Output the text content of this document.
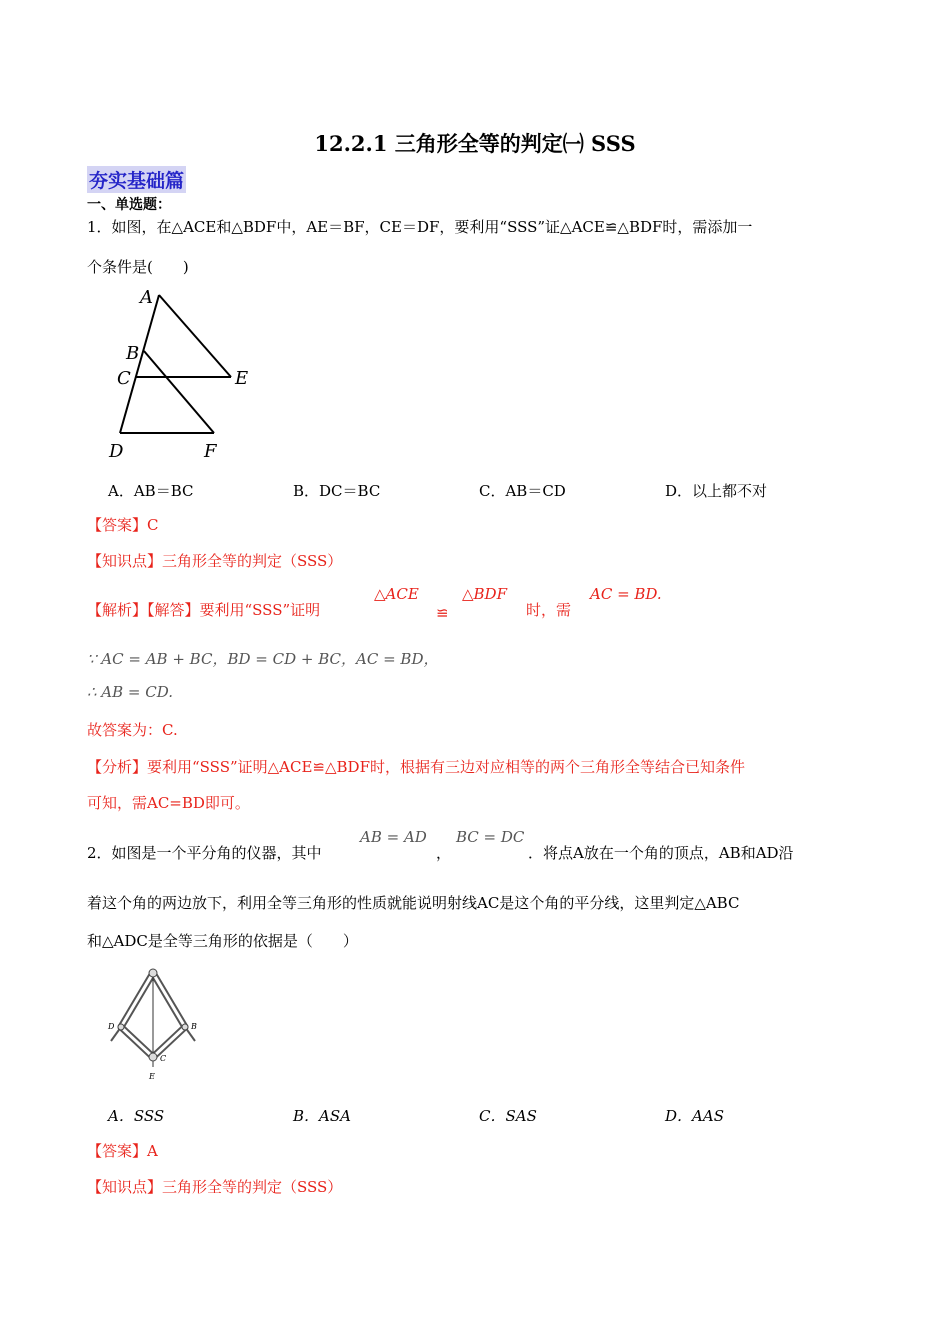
12.2.1 三角形全等的判定㈠ SSS
夯实基础篇
一、单选题：
1．如图，在△ACE和△BDF中，AE＝BF，CE＝DF，要利用“SSS”证△ACE≌△BDF时，需添加一
个条件是(　　)
A
B
C	E
D	F
A．AB＝BC	B．DC＝BC	C．AB＝CD	D．以上都不对
【答案】C
【知识点】三角形全等的判定（SSS）
【解析】【解答】要利用“SSS”证明
△ACE
≌
△BDF
时，需
AC = BD.
∵ AC = AB + BC，BD = CD + BC，AC = BD，
∴ AB = CD.
故答案为：C.
【分析】要利用“SSS”证明△ACE≌△BDF时，根据有三边对应相等的两个三角形全等结合已知条件
可知，需AC=BD即可。
2．如图是一个平分角的仪器，其中
AB = AD
，
BC = DC
．将点A放在一个角的顶点，AB和AD沿
着这个角的两边放下，利用全等三角形的性质就能说明射线AC是这个角的平分线，这里判定△ABC
和△ADC是全等三角形的依据是（　　）
D	B
C
E
A．SSS	B．ASA	C．SAS	D．AAS
【答案】A
【知识点】三角形全等的判定（SSS）
